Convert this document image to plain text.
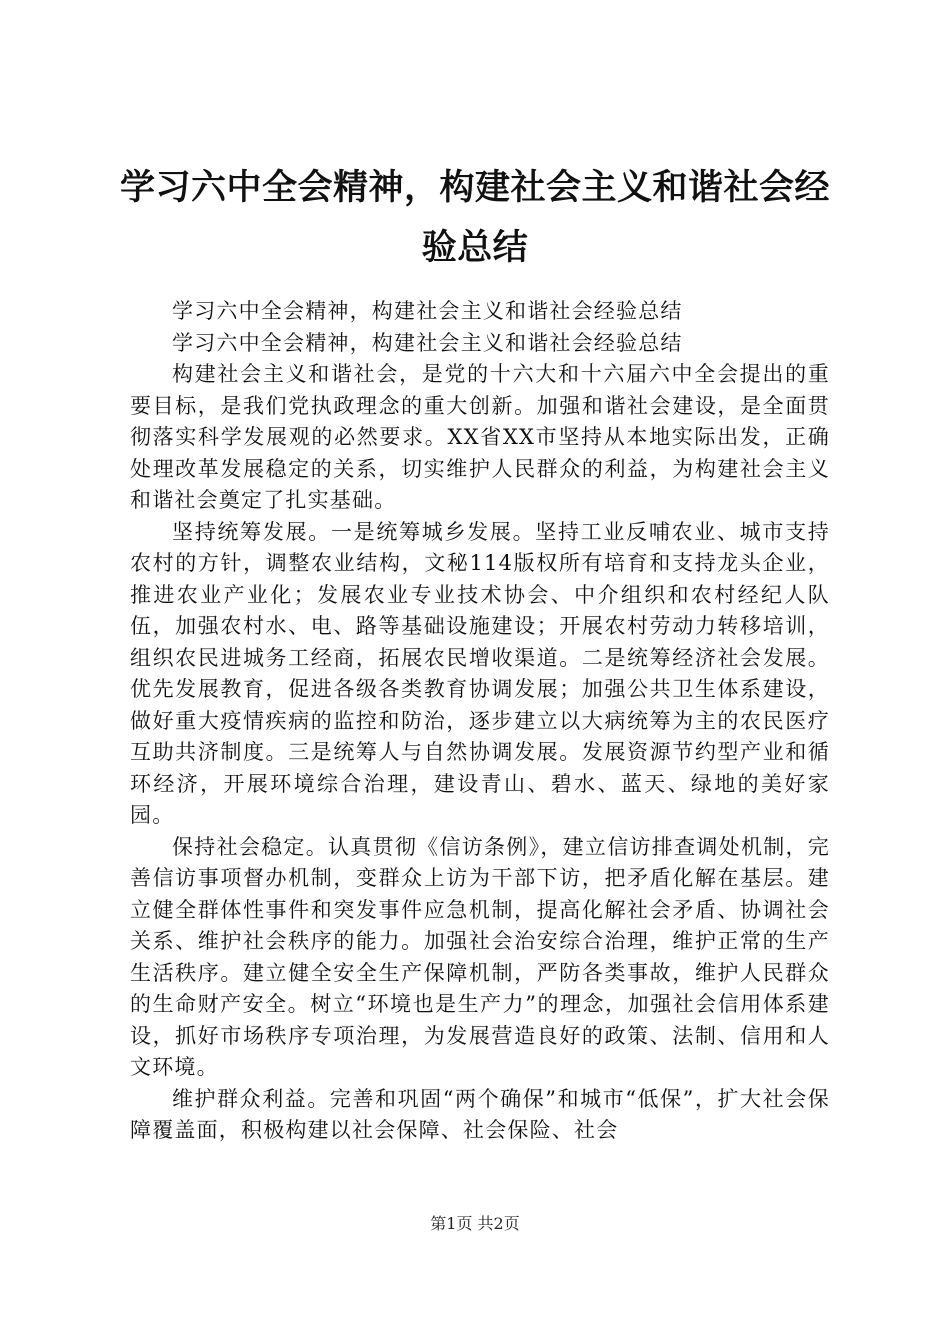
学习六中全会精神，构建社会主义和谐社会经验总结

学习六中全会精神，构建社会主义和谐社会经验总结

学习六中全会精神，构建社会主义和谐社会经验总结

构建社会主义和谐社会，是党的十六大和十六届六中全会提出的重要目标，是我们党执政理念的重大创新。加强和谐社会建设，是全面贯彻落实科学发展观的必然要求。XX省XX市坚持从本地实际出发，正确处理改革发展稳定的关系，切实维护人民群众的利益，为构建社会主义和谐社会奠定了扎实基础。

坚持统筹发展。一是统筹城乡发展。坚持工业反哺农业、城市支持农村的方针，调整农业结构，文秘114版权所有培育和支持龙头企业，推进农业产业化；发展农业专业技术协会、中介组织和农村经纪人队伍，加强农村水、电、路等基础设施建设；开展农村劳动力转移培训，组织农民进城务工经商，拓展农民增收渠道。二是统筹经济社会发展。优先发展教育，促进各级各类教育协调发展；加强公共卫生体系建设，做好重大疫情疾病的监控和防治，逐步建立以大病统筹为主的农民医疗互助共济制度。三是统筹人与自然协调发展。发展资源节约型产业和循环经济，开展环境综合治理，建设青山、碧水、蓝天、绿地的美好家园。

保持社会稳定。认真贯彻《信访条例》，建立信访排查调处机制，完善信访事项督办机制，变群众上访为干部下访，把矛盾化解在基层。建立健全群体性事件和突发事件应急机制，提高化解社会矛盾、协调社会关系、维护社会秩序的能力。加强社会治安综合治理，维护正常的生产生活秩序。建立健全安全生产保障机制，严防各类事故，维护人民群众的生命财产安全。树立“环境也是生产力”的理念，加强社会信用体系建设，抓好市场秩序专项治理，为发展营造良好的政策、法制、信用和人文环境。

维护群众利益。完善和巩固“两个确保”和城市“低保”，扩大社会保障覆盖面，积极构建以社会保障、社会保险、社会

第1页 共2页
